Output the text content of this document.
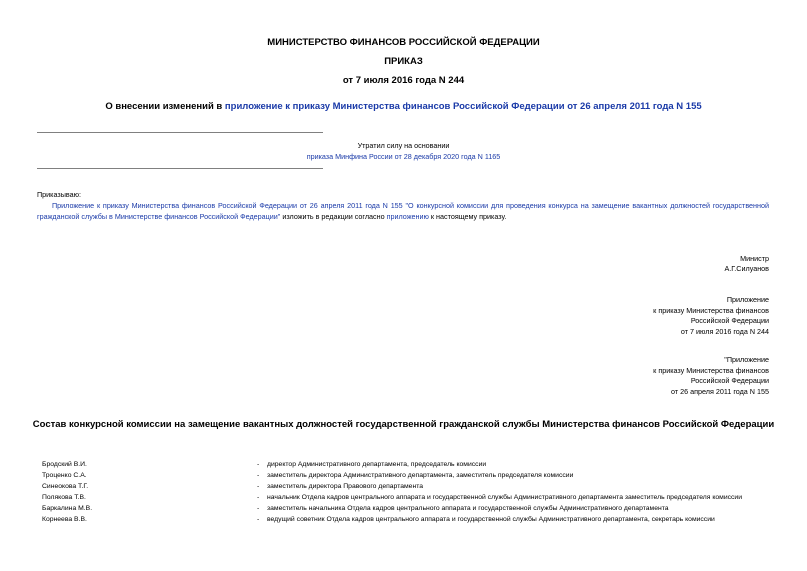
МИНИСТЕРСТВО ФИНАНСОВ РОССИЙСКОЙ ФЕДЕРАЦИИ
ПРИКАЗ
от 7 июля 2016 года N 244
О внесении изменений в приложение к приказу Министерства финансов Российской Федерации от 26 апреля 2011 года N 155
Утратил силу на основании
приказа Минфина России от 28 декабря 2020 года N 1165
Приказываю:
Приложение к приказу Министерства финансов Российской Федерации от 26 апреля 2011 года N 155 "О конкурсной комиссии для проведения конкурса на замещение вакантных должностей государственной гражданской службы в Министерстве финансов Российской Федерации" изложить в редакции согласно приложению к настоящему приказу.
Министр
А.Г.Силуанов
Приложение
к приказу Министерства финансов
Российской Федерации
от 7 июля 2016 года N 244
"Приложение
к приказу Министерства финансов
Российской Федерации
от 26 апреля 2011 года N 155
Состав конкурсной комиссии на замещение вакантных должностей государственной гражданской службы Министерства финансов Российской Федерации
Бродский В.И.	- директор Административного департамента, председатель комиссии
Троценко С.А.	- заместитель директора Административного департамента, заместитель председателя комиссии
Синеокова Т.Г.	- заместитель директора Правового департамента
Полякова Т.В.	- начальник Отдела кадров центрального аппарата и государственной службы Административного департамента заместитель председателя комиссии
Баркалина М.В.	- заместитель начальника Отдела кадров центрального аппарата и государственной службы Административного департамента
Корнеева В.В.	- ведущий советник Отдела кадров центрального аппарата и государственной службы Административного департамента, секретарь комиссии
